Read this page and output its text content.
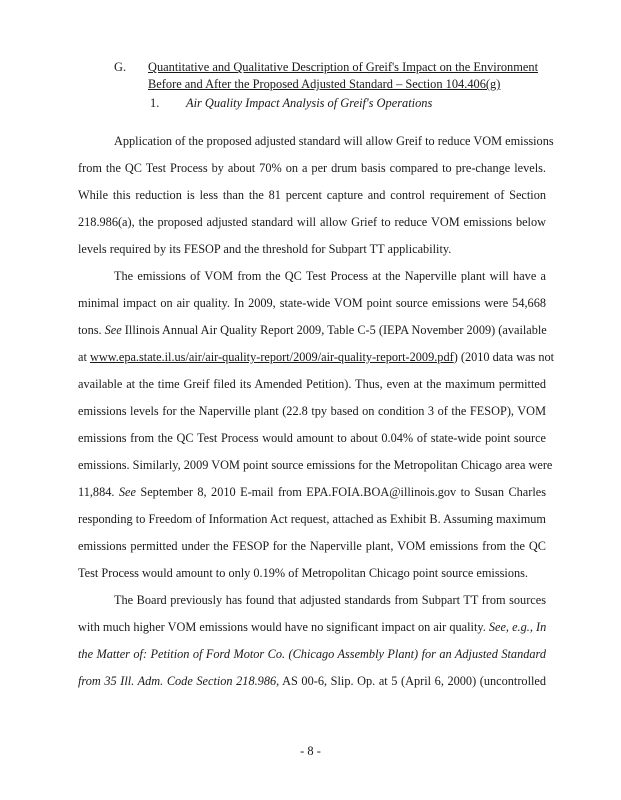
G. Quantitative and Qualitative Description of Greif's Impact on the Environment
Before and After the Proposed Adjusted Standard – Section 104.406(g)
1. Air Quality Impact Analysis of Greif's Operations
Application of the proposed adjusted standard will allow Greif to reduce VOM emissions
from the QC Test Process by about 70% on a per drum basis compared to pre-change levels.
While this reduction is less than the 81 percent capture and control requirement of Section
218.986(a), the proposed adjusted standard will allow Grief to reduce VOM emissions below
levels required by its FESOP and the threshold for Subpart TT applicability.
The emissions of VOM from the QC Test Process at the Naperville plant will have a
minimal impact on air quality. In 2009, state-wide VOM point source emissions were 54,668
tons. See Illinois Annual Air Quality Report 2009, Table C-5 (IEPA November 2009) (available
at www.epa.state.il.us/air/air-quality-report/2009/air-quality-report-2009.pdf) (2010 data was not
available at the time Greif filed its Amended Petition). Thus, even at the maximum permitted
emissions levels for the Naperville plant (22.8 tpy based on condition 3 of the FESOP), VOM
emissions from the QC Test Process would amount to about 0.04% of state-wide point source
emissions. Similarly, 2009 VOM point source emissions for the Metropolitan Chicago area were
11,884. See September 8, 2010 E-mail from EPA.FOIA.BOA@illinois.gov to Susan Charles
responding to Freedom of Information Act request, attached as Exhibit B. Assuming maximum
emissions permitted under the FESOP for the Naperville plant, VOM emissions from the QC
Test Process would amount to only 0.19% of Metropolitan Chicago point source emissions.
The Board previously has found that adjusted standards from Subpart TT from sources
with much higher VOM emissions would have no significant impact on air quality. See, e.g., In
the Matter of: Petition of Ford Motor Co. (Chicago Assembly Plant) for an Adjusted Standard
from 35 Ill. Adm. Code Section 218.986, AS 00-6, Slip. Op. at 5 (April 6, 2000) (uncontrolled
- 8 -
